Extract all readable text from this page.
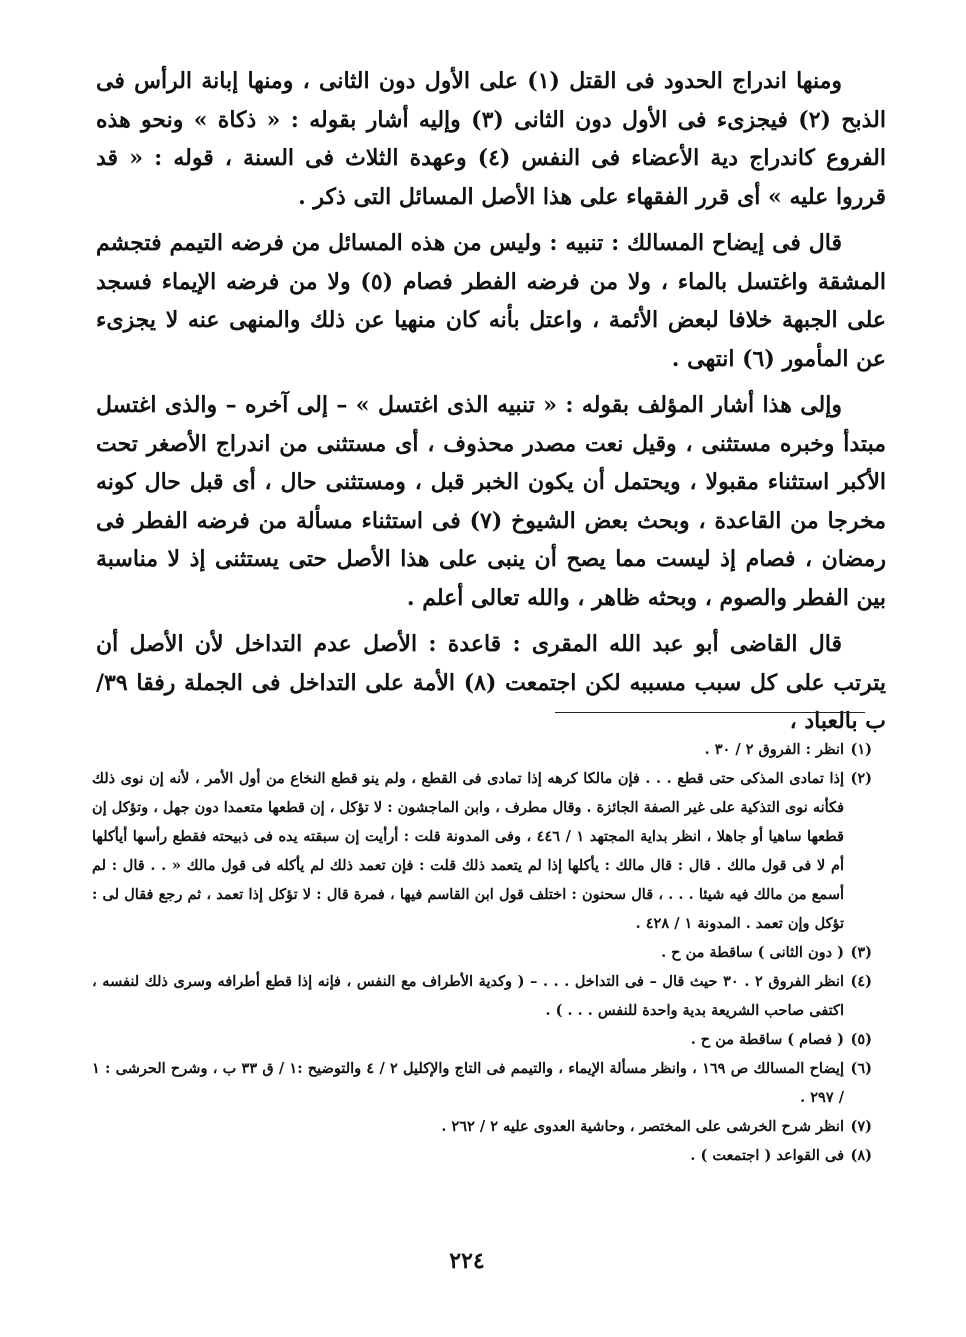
ومنها اندراج الحدود فى القتل (١) على الأول دون الثانى ، ومنها إبانة الرأس فى الذبح (٢) فيجزىء فى الأول دون الثانى (٣) وإليه أشار بقوله : « ذكاة » ونحو هذه الفروع كاندراج دية الأعضاء فى النفس (٤) وعهدة الثلاث فى السنة ، قوله : « قد قرروا عليه » أى قرر الفقهاء على هذا الأصل المسائل التى ذكر .

قال فى إيضاح المسالك : تنبيه : وليس من هذه المسائل من فرضه التيمم فتجشم المشقة واغتسل بالماء ، ولا من فرضه الفطر فصام (٥) ولا من فرضه الإيماء فسجد على الجبهة خلافا لبعض الأئمة ، واعتل بأنه كان منهيا عن ذلك والمنهى عنه لا يجزىء عن المأمور (٦) انتهى .

وإلى هذا أشار المؤلف بقوله : « تنبيه الذى اغتسل » – إلى آخره – والذى اغتسل مبتدأ وخبره مستثنى ، وقيل نعت مصدر محذوف ، أى مستثنى من اندراج الأصغر تحت الأكبر استثناء مقبولا ، ويحتمل أن يكون الخبر قبل ، ومستثنى حال ، أى قبل حال كونه مخرجا من القاعدة ، وبحث بعض الشيوخ (٧) فى استثناء مسألة من فرضه الفطر فى رمضان ، فصام إذ ليست مما يصح أن ينبى على هذا الأصل حتى يستثنى إذ لا مناسبة بين الفطر والصوم ، وبحثه ظاهر ، والله تعالى أعلم .

قال القاضى أبو عبد الله المقرى : قاعدة : الأصل عدم التداخل لأن الأصل أن يترتب على كل سبب مسببه لكن اجتمعت (٨) الأمة على التداخل فى الجملة رفقا ٣٩/ب بالعباد ،

(١)
انظر : الفروق ٢ / ٣٠ .
(٢)
إذا تمادى المذكى حتى قطع . . . فإن مالكا كرهه إذا تمادى فى القطع ، ولم ينو قطع النخاع من أول الأمر ، لأنه إن نوى ذلك فكأنه نوى التذكية على غير الصفة الجائزة . وقال مطرف ، وابن الماجشون : لا تؤكل ، إن قطعها متعمدا دون جهل ، وتؤكل إن قطعها ساهيا أو جاهلا ، انظر بداية المجتهد ١ / ٤٤٦ ، وفى المدونة قلت : أرأيت إن سبقته يده فى ذبيحته فقطع رأسها أيأكلها أم لا فى قول مالك . قال : قال مالك : يأكلها إذا لم يتعمد ذلك قلت : فإن تعمد ذلك لم يأكله فى قول مالك « . . قال : لم أسمع من مالك فيه شيئا . . . ، قال سحنون : اختلف قول ابن القاسم فيها ، فمرة قال : لا تؤكل إذا تعمد ، ثم رجع فقال لى : تؤكل وإن تعمد . المدونة ١ / ٤٢٨ .
(٣)
( دون الثانى ) ساقطة من ح .
(٤)
انظر الفروق ٢ . ٣٠ حيث قال – فى التداخل . . . – ( وكدية الأطراف مع النفس ، فإنه إذا قطع أطرافه وسرى ذلك لنفسه ، اكتفى صاحب الشريعة بدية واحدة للنفس . . . ) .
(٥)
( فصام ) ساقطة من ح .
(٦)
إيضاح المسالك ص ١٦٩ ، وانظر مسألة الإيماء ، والتيمم فى التاج والإكليل ٢ / ٤ والتوضيح :١ / ق ٣٣ ب ، وشرح الحرشى : ١ / ٢٩٧ .
(٧)
انظر شرح الخرشى على المختصر ، وحاشية العدوى عليه ٢ / ٢٦٢ .
(٨)
فى القواعد ( اجتمعت ) .
٢٢٤
